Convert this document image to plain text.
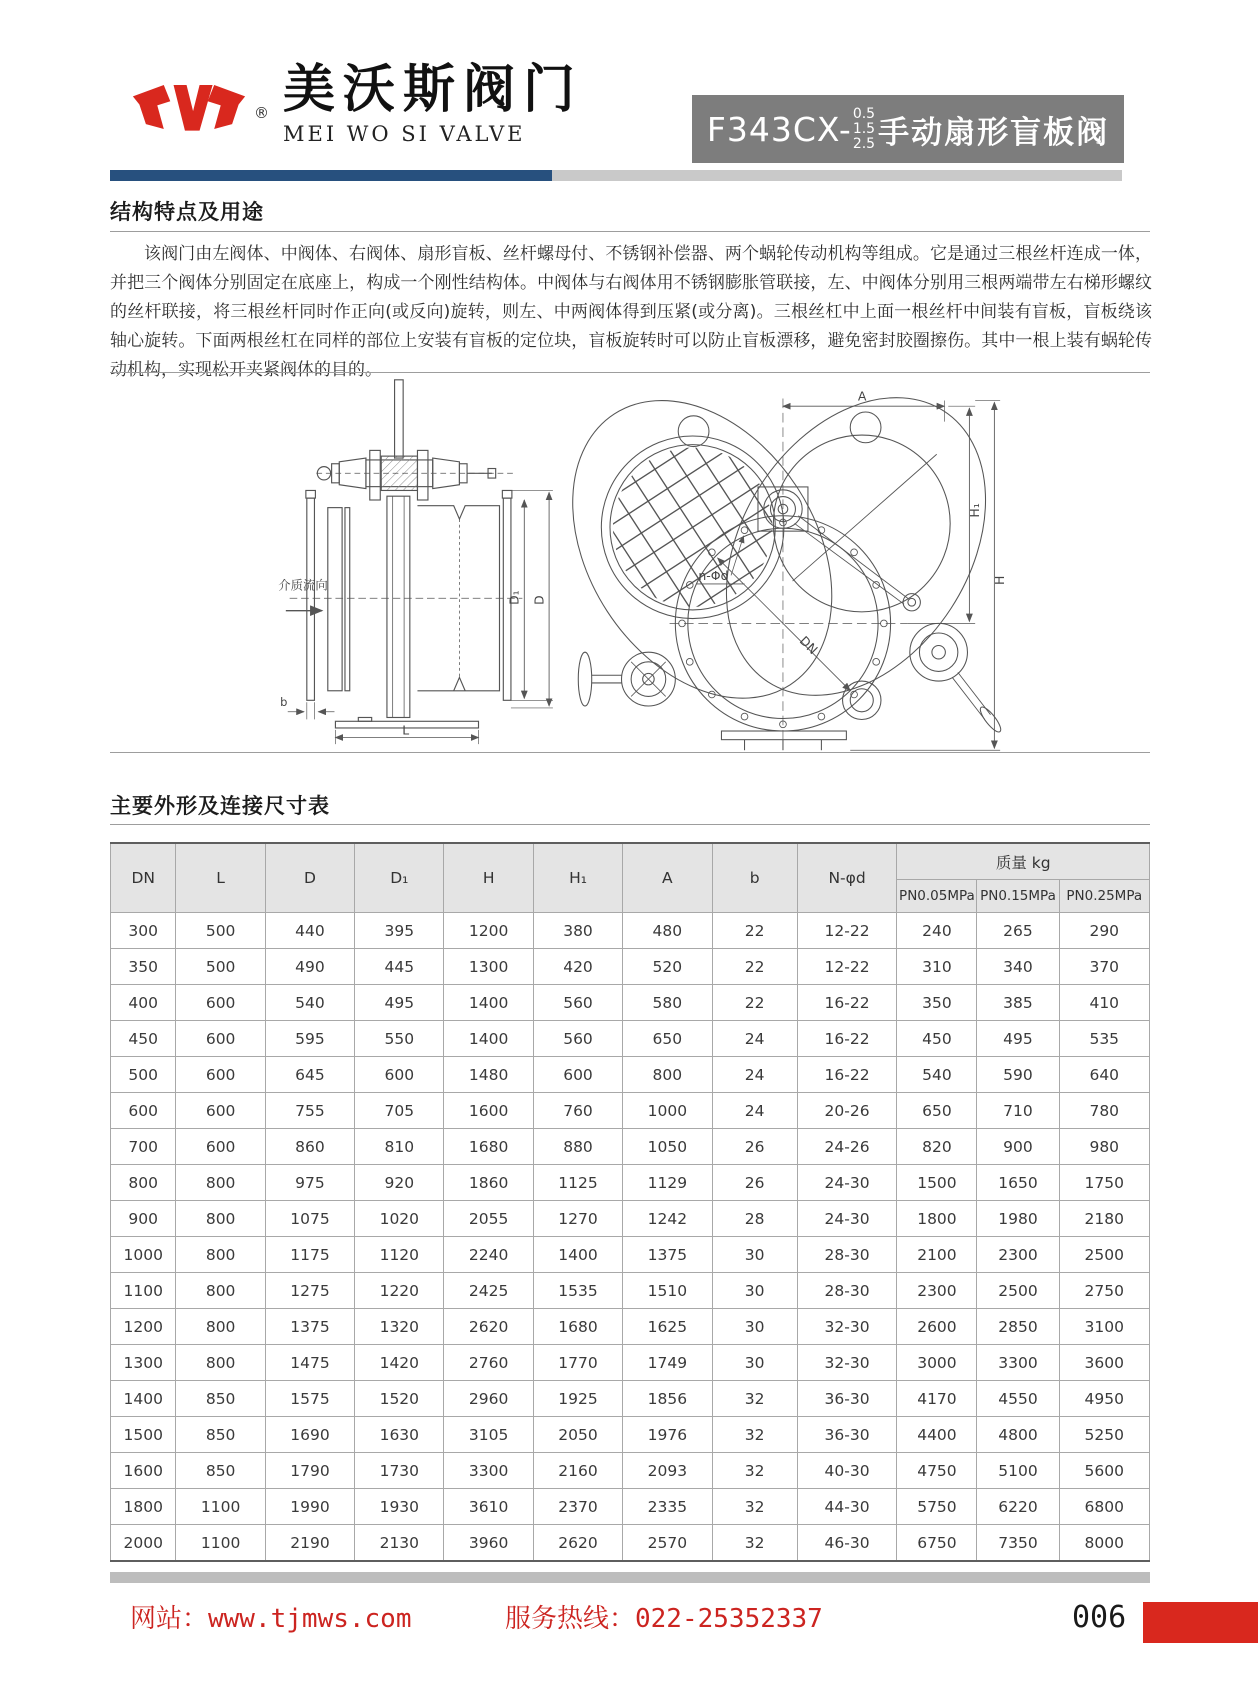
® 美沃斯阀门
MEI WO SI VALVE	F343CX- 0.5
1.5
2.5 手动扇形盲板阀
结构特点及用途
该阀门由左阀体、中阀体、右阀体、扇形盲板、丝杆螺母付、不锈钢补偿器、两个蜗轮传动机构等组成。它是通过三根丝杆连成一体，并把三个阀体分别固定在底座上，构成一个刚性结构体。中阀体与右阀体用不锈钢膨胀管联接，左、中阀体分别用三根两端带左右梯形螺纹的丝杆联接，将三根丝杆同时作正向(或反向)旋转，则左、中两阀体得到压紧(或分离)。三根丝杠中上面一根丝杆中间装有盲板，盲板绕该轴心旋转。下面两根丝杠在同样的部位上安装有盲板的定位块，盲板旋转时可以防止盲板漂移，避免密封胶圈擦伤。其中一根上装有蜗轮传动机构，实现松开夹紧阀体的目的。
介质流向
b
L
D₁ D
DN
n-Φd
A
H₁
H
主要外形及连接尺寸表
DN	L	D	D₁	H	H₁	A	b	N-φd	质量 kg		
									PN0.05MPa	PN0.15MPa	PN0.25MPa
300	500	440	395	1200	380	480	22	12-22	240	265	290
350	500	490	445	1300	420	520	22	12-22	310	340	370
400	600	540	495	1400	560	580	22	16-22	350	385	410
450	600	595	550	1400	560	650	24	16-22	450	495	535
500	600	645	600	1480	600	800	24	16-22	540	590	640
600	600	755	705	1600	760	1000	24	20-26	650	710	780
700	600	860	810	1680	880	1050	26	24-26	820	900	980
800	800	975	920	1860	1125	1129	26	24-30	1500	1650	1750
900	800	1075	1020	2055	1270	1242	28	24-30	1800	1980	2180
1000	800	1175	1120	2240	1400	1375	30	28-30	2100	2300	2500
1100	800	1275	1220	2425	1535	1510	30	28-30	2300	2500	2750
1200	800	1375	1320	2620	1680	1625	30	32-30	2600	2850	3100
1300	800	1475	1420	2760	1770	1749	30	32-30	3000	3300	3600
1400	850	1575	1520	2960	1925	1856	32	36-30	4170	4550	4950
1500	850	1690	1630	3105	2050	1976	32	36-30	4400	4800	5250
1600	850	1790	1730	3300	2160	2093	32	40-30	4750	5100	5600
1800	1100	1990	1930	3610	2370	2335	32	44-30	5750	6220	6800
2000	1100	2190	2130	3960	2620	2570	32	46-30	6750	7350	8000
网站：www.tjmws.com	服务热线：022-25352337	006
